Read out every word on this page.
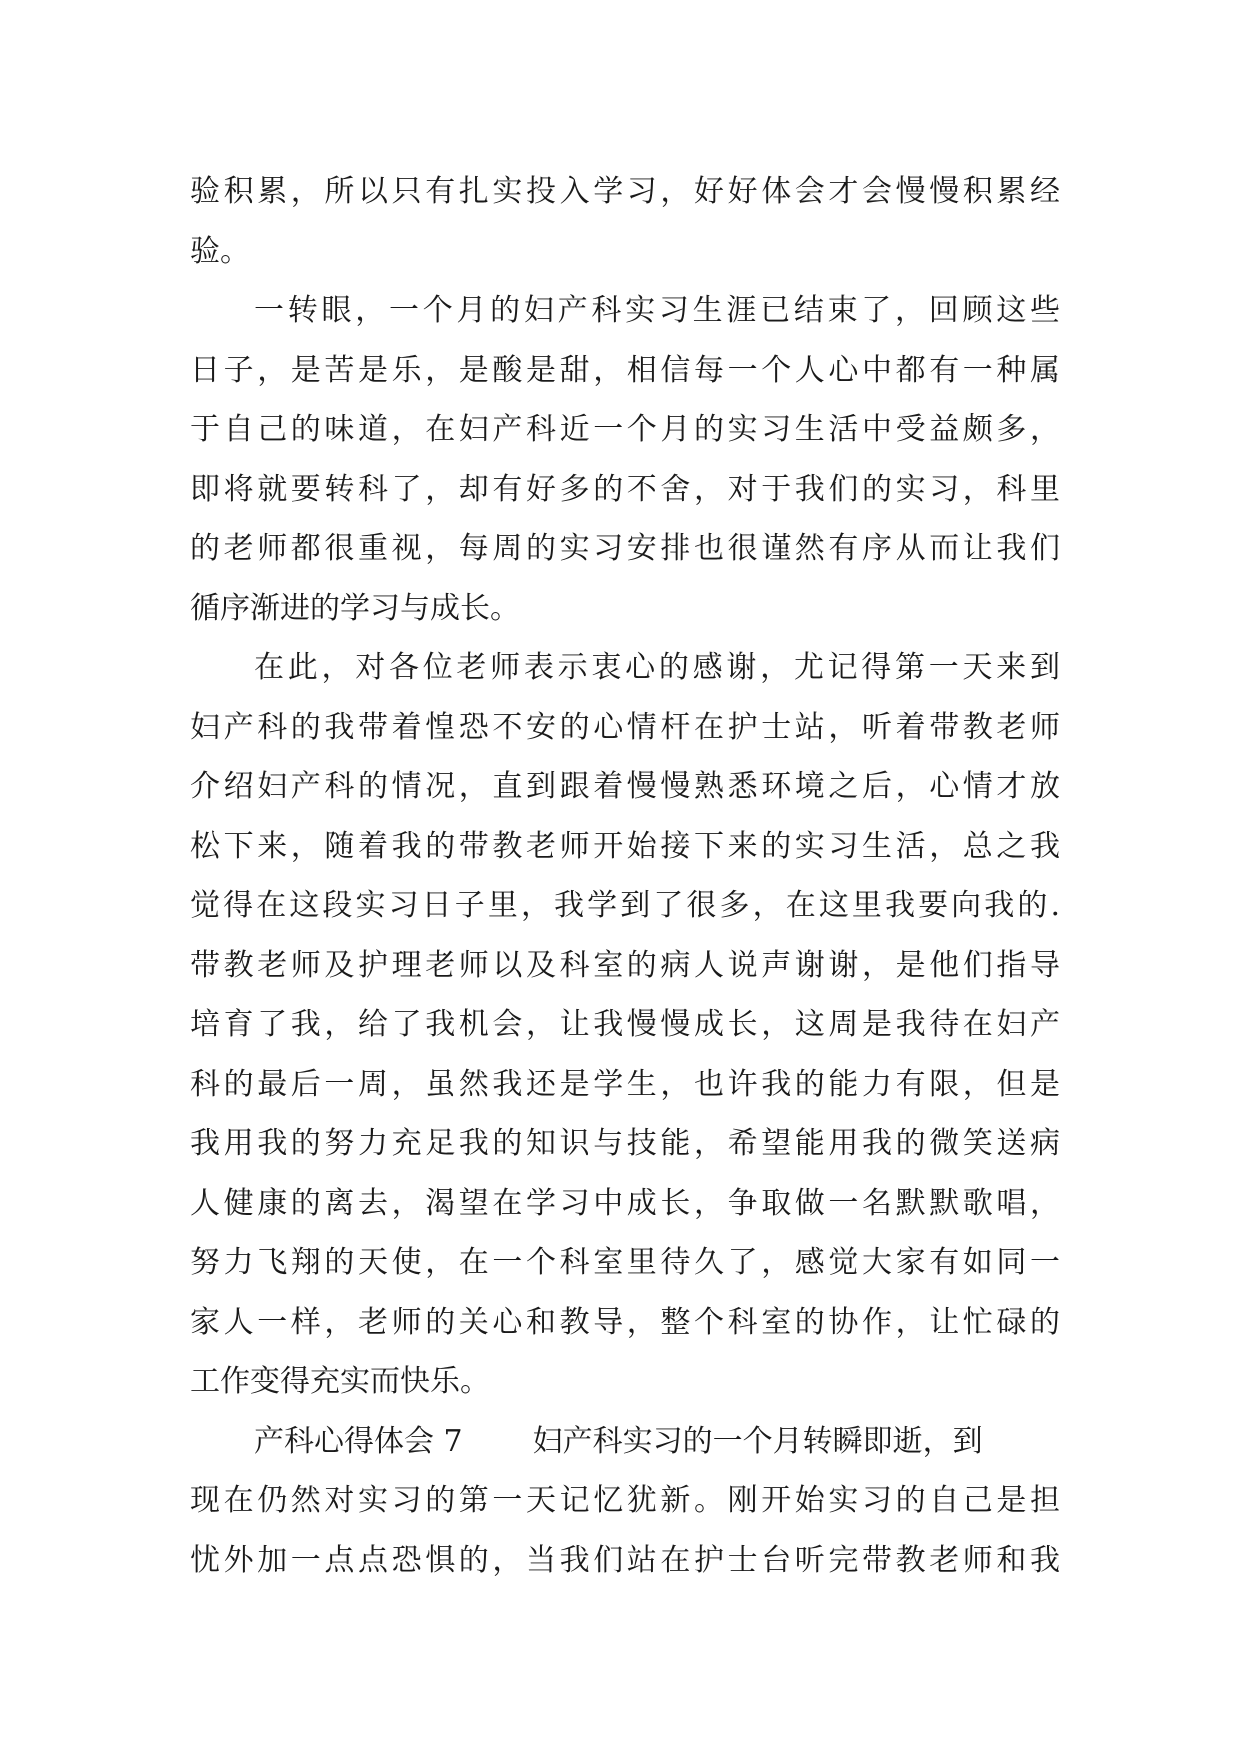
验积累，所以只有扎实投入学习，好好体会才会慢慢积累经
验。
一转眼，一个月的妇产科实习生涯已结束了，回顾这些
日子，是苦是乐，是酸是甜，相信每一个人心中都有一种属
于自己的味道，在妇产科近一个月的实习生活中受益颇多，
即将就要转科了，却有好多的不舍，对于我们的实习，科里
的老师都很重视，每周的实习安排也很谨然有序从而让我们
循序渐进的学习与成长。
在此，对各位老师表示衷心的感谢，尤记得第一天来到
妇产科的我带着惶恐不安的心情杆在护士站，听着带教老师
介绍妇产科的情况，直到跟着慢慢熟悉环境之后，心情才放
松下来，随着我的带教老师开始接下来的实习生活，总之我
觉得在这段实习日子里，我学到了很多，在这里我要向我的.
带教老师及护理老师以及科室的病人说声谢谢，是他们指导
培育了我，给了我机会，让我慢慢成长，这周是我待在妇产
科的最后一周，虽然我还是学生，也许我的能力有限，但是
我用我的努力充足我的知识与技能，希望能用我的微笑送病
人健康的离去，渴望在学习中成长，争取做一名默默歌唱，
努力飞翔的天使，在一个科室里待久了，感觉大家有如同一
家人一样，老师的关心和教导，整个科室的协作，让忙碌的
工作变得充实而快乐。
产科心得体会 7 妇产科实习的一个月转瞬即逝，到
现在仍然对实习的第一天记忆犹新。刚开始实习的自己是担
忧外加一点点恐惧的，当我们站在护士台听完带教老师和我
